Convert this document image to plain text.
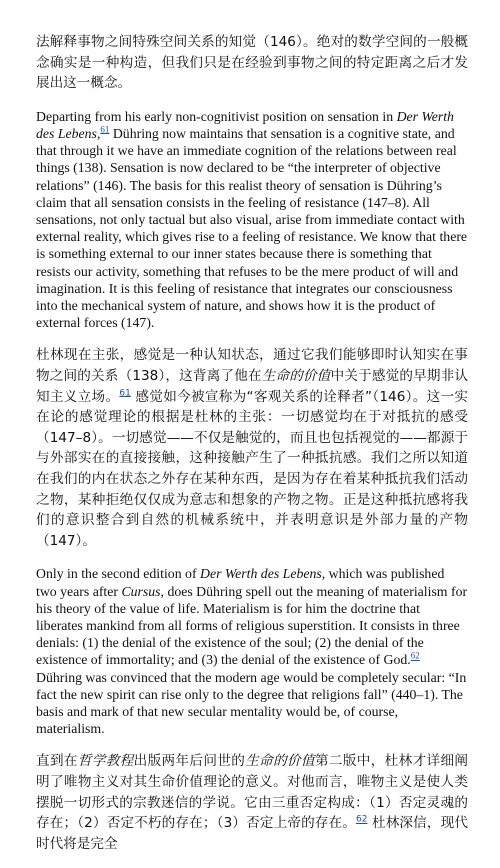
法解释事物之间特殊空间关系的知觉（146）。绝对的数学空间的一般概念确实是一种构造，但我们只是在经验到事物之间的特定距离之后才发展出这一概念。

Departing from his early non-cognitivist position on sensation in Der Werth des Lebens,$^{61}$ Dühring now maintains that sensation is a cognitive state, and that through it we have an immediate cognition of the relations between real things (138). Sensation is now declared to be “the interpreter of objective relations” (146). The basis for this realist theory of sensation is Dühring’s claim that all sensation consists in the feeling of resistance (147–8). All sensations, not only tactual but also visual, arise from immediate contact with external reality, which gives rise to a feeling of resistance. We know that there is something external to our inner states because there is something that resists our activity, something that refuses to be the mere product of will and imagination. It is this feeling of resistance that integrates our consciousness into the mechanical system of nature, and shows how it is the product of external forces (147).

杜林现在主张，感觉是一种认知状态，通过它我们能够即时认知实在事物之间的关系（138），这背离了他在生命的价值中关于感觉的早期非认知主义立场。$^{61}$ 感觉如今被宣称为“客观关系的诠释者”（146）。这一实在论的感觉理论的根据是杜林的主张：一切感觉均在于对抵抗的感受（147–8）。一切感觉——不仅是触觉的，而且也包括视觉的——都源于与外部实在的直接接触，这种接触产生了一种抵抗感。我们之所以知道在我们的内在状态之外存在某种东西，是因为存在着某种抵抗我们活动之物，某种拒绝仅仅成为意志和想象的产物之物。正是这种抵抗感将我们的意识整合到自然的机械系统中，并表明意识是外部力量的产物（147）。

Only in the second edition of Der Werth des Lebens, which was published two years after Cursus, does Dühring spell out the meaning of materialism for his theory of the value of life. Materialism is for him the doctrine that liberates mankind from all forms of religious superstition. It consists in three denials: (1) the denial of the existence of the soul; (2) the denial of the existence of immortality; and (3) the denial of the existence of God.$^{62}$ Dühring was convinced that the modern age would be completely secular: “In fact the new spirit can rise only to the degree that religions fall” (440–1). The basis and mark of that new secular mentality would be, of course, materialism.

直到在哲学教程出版两年后问世的生命的价值第二版中，杜林才详细阐明了唯物主义对其生命价值理论的意义。对他而言，唯物主义是使人类摆脱一切形式的宗教迷信的学说。它由三重否定构成：（1）否定灵魂的存在；（2）否定不朽的存在；（3）否定上帝的存在。$^{62}$ 杜林深信，现代时代将是完全
